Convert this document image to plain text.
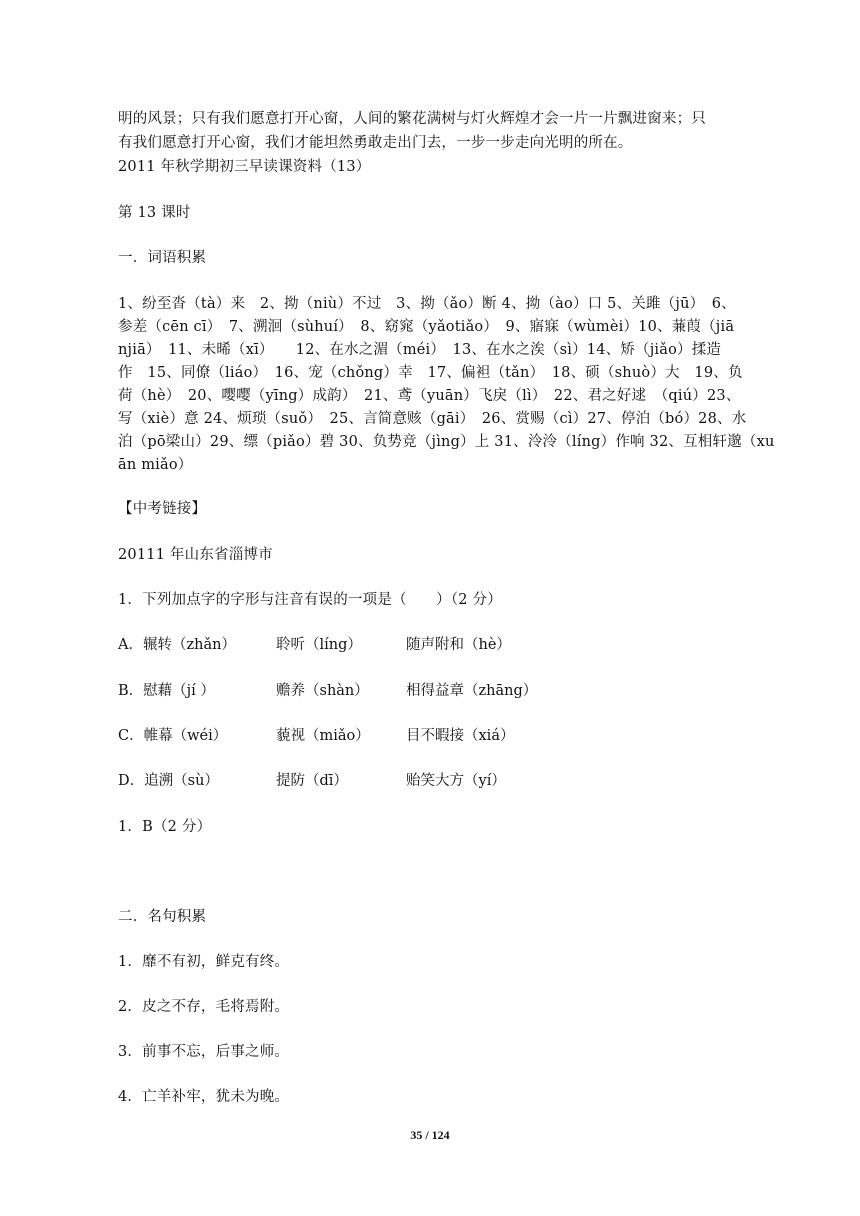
明的风景；只有我们愿意打开心窗，人间的繁花满树与灯火辉煌才会一片一片飘进窗来；只
有我们愿意打开心窗，我们才能坦然勇敢走出门去，一步一步走向光明的所在。
2011 年秋学期初三早读课资料（13）
第 13 课时
一．词语积累
1、纷至沓（tà）来　2、拗（niù）不过　3、拗（ǎo）断 4、拗（ào）口 5、关雎（jū）　6、
参差（cēn cī）　7、溯洄（sùhuí）　8、窈窕（yǎotiǎo）　9、寤寐（wùmèi）10、蒹葭（jiā
njiā）　11、未晞（xī）　　12、在水之湄（méi）　13、在水之涘（sì）14、矫（jiǎo）揉造
作　15、同僚（liáo）　16、宠（chǒng）幸　17、偏袒（tǎn）　18、硕（shuò）大　19、负
荷（hè）　20、嘤嘤（yīng）成韵）　21、鸢（yuān）飞戾（lì）　22、君之好逑　（qiú）23、
写（xiè）意 24、烦琐（suǒ）　25、言简意赅（gāi）　26、赏赐（cì）27、停泊（bó）28、水
泊（pō梁山）29、缥（piǎo）碧 30、负势竞（jìng）上 31、泠泠（líng）作响 32、互相轩邈（xu
ān miǎo）
【中考链接】
20111 年山东省淄博市
1．下列加点字的字形与注音有误的一项是（　　）（2 分）
A．辗转（zhǎn）	聆听（líng）	随声附和（hè）
B．慰藉（jí ）	赡养（shàn）	相得益章（zhāng）
C．帷幕（wéi）	藐视（miǎo） 目不暇接（xiá）
D．追溯（sù）	提防（dī）	贻笑大方（yí）
1．B（2 分）
二．名句积累
1．靡不有初，鲜克有终。
2．皮之不存，毛将焉附。
3．前事不忘，后事之师。
4．亡羊补牢，犹未为晚。
35 / 124
